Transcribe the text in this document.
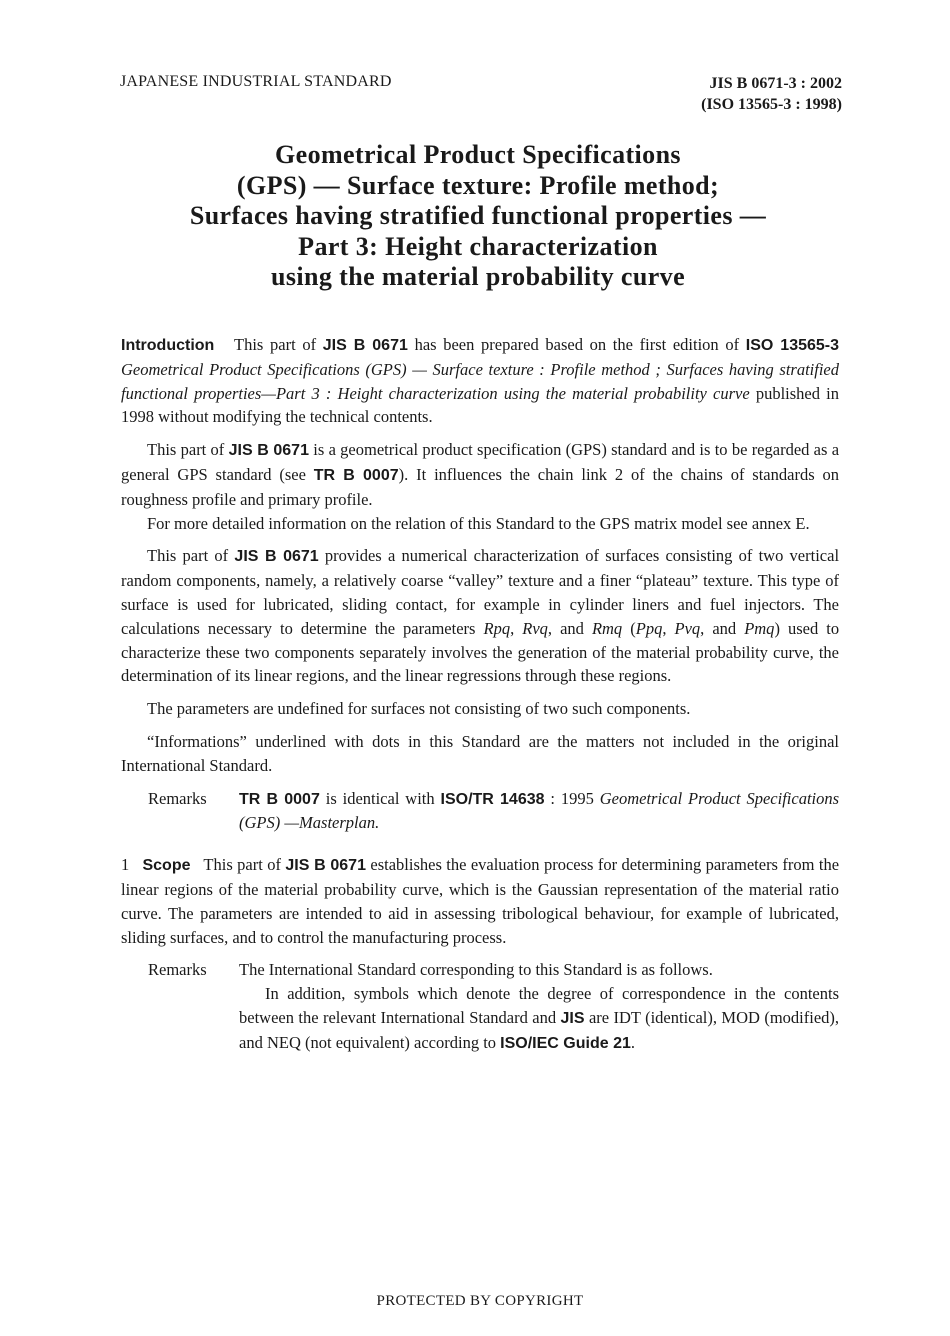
JAPANESE INDUSTRIAL STANDARD	JIS B 0671-3 : 2002
(ISO 13565-3 : 1998)
Geometrical Product Specifications
(GPS) — Surface texture: Profile method;
Surfaces having stratified functional properties —
Part 3: Height characterization
using the material probability curve

Introduction This part of JIS B 0671 has been prepared based on the first edition of ISO 13565-3 Geometrical Product Specifications (GPS) — Surface texture : Profile method ; Surfaces having stratified functional properties—Part 3 : Height characterization using the material probability curve published in 1998 without modifying the technical contents.

This part of JIS B 0671 is a geometrical product specification (GPS) standard and is to be regarded as a general GPS standard (see TR B 0007). It influences the chain link 2 of the chains of standards on roughness profile and primary profile.

For more detailed information on the relation of this Standard to the GPS matrix model see annex E.

This part of JIS B 0671 provides a numerical characterization of surfaces consisting of two vertical random components, namely, a relatively coarse “valley” texture and a finer “plateau” texture. This type of surface is used for lubricated, sliding contact, for example in cylinder liners and fuel injectors. The calculations necessary to determine the parameters Rpq, Rvq, and Rmq (Ppq, Pvq, and Pmq) used to characterize these two components separately involves the generation of the material probability curve, the determination of its linear regions, and the linear regressions through these regions.

The parameters are undefined for surfaces not consisting of two such components.

“Informations” underlined with dots in this Standard are the matters not included in the original International Standard.

Remarks	TR B 0007 is identical with ISO/TR 14638 : 1995 Geometrical Product Specifications (GPS) —Masterplan.

1 Scope This part of JIS B 0671 establishes the evaluation process for determining parameters from the linear regions of the material probability curve, which is the Gaussian representation of the material ratio curve. The parameters are intended to aid in assessing tribological behaviour, for example of lubricated, sliding surfaces, and to control the manufacturing process.

Remarks	The International Standard corresponding to this Standard is as follows.
In addition, symbols which denote the degree of correspondence in the contents between the relevant International Standard and JIS are IDT (identical), MOD (modified), and NEQ (not equivalent) according to ISO/IEC Guide 21.
PROTECTED BY COPYRIGHT
